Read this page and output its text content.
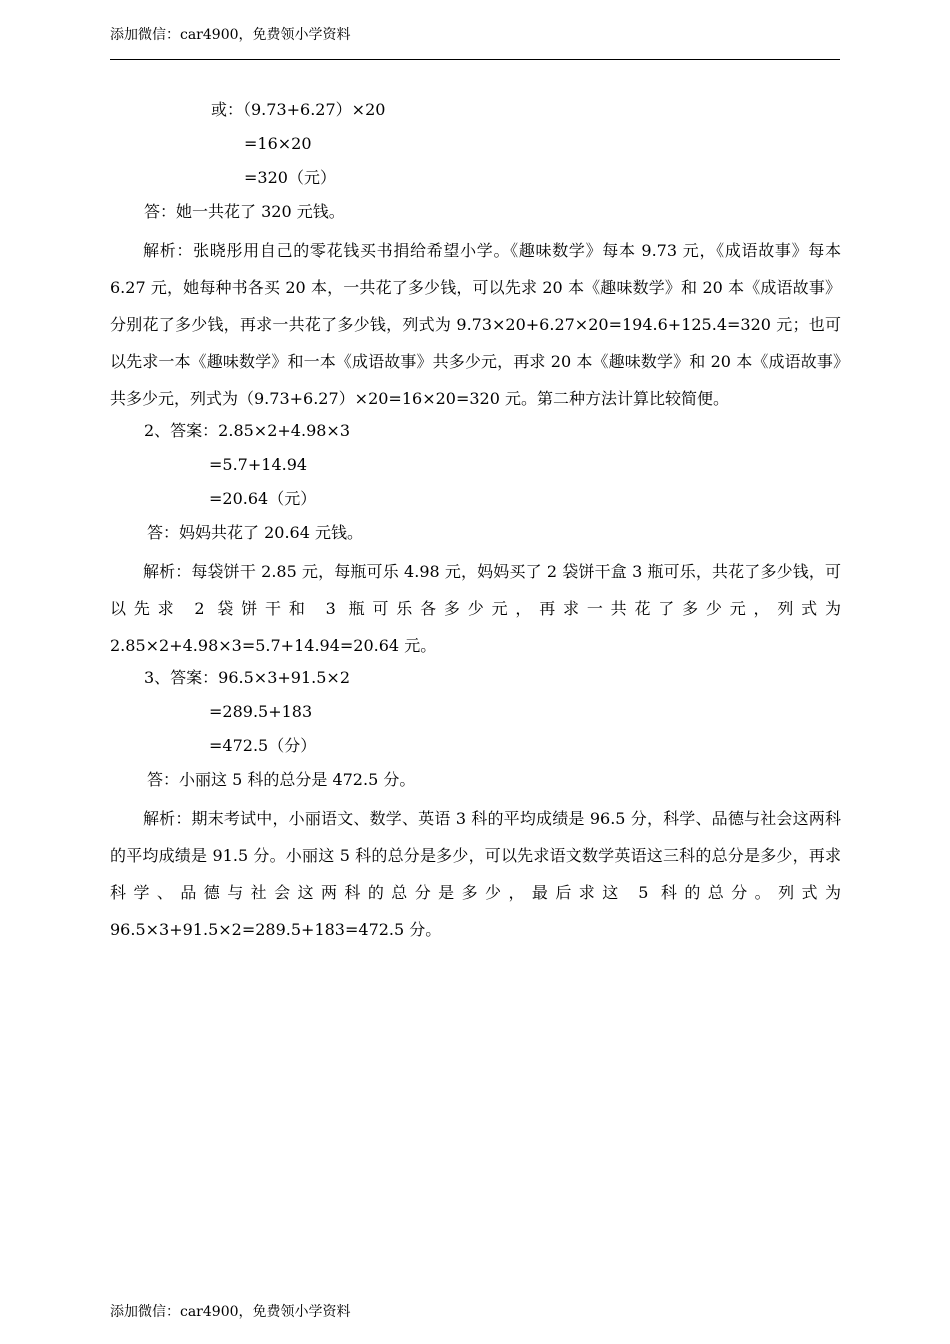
添加微信：car4900，免费领小学资料
或：（9.73+6.27）×20
=16×20
=320（元）
答：她一共花了 320 元钱。

解析：张晓彤用自己的零花钱买书捐给希望小学。《趣味数学》每本 9.73 元，《成语故事》每本 6.27 元，她每种书各买 20 本，一共花了多少钱，可以先求 20 本《趣味数学》和 20 本《成语故事》分别花了多少钱，再求一共花了多少钱，列式为 9.73×20+6.27×20=194.6+125.4=320 元；也可以先求一本《趣味数学》和一本《成语故事》共多少元，再求 20 本《趣味数学》和 20 本《成语故事》共多少元，列式为（9.73+6.27）×20=16×20=320 元。第二种方法计算比较简便。

2、答案：2.85×2+4.98×3
=5.7+14.94
=20.64（元）
答：妈妈共花了 20.64 元钱。

解析：每袋饼干 2.85 元，每瓶可乐 4.98 元，妈妈买了 2 袋饼干盒 3 瓶可乐，共花了多少钱，可以先求 2 袋饼干和 3 瓶可乐各多少元，再求一共花了多少元，列式为 2.85×2+4.98×3=5.7+14.94=20.64 元。

3、答案：96.5×3+91.5×2
=289.5+183
=472.5（分）
答：小丽这 5 科的总分是 472.5 分。

解析：期末考试中，小丽语文、数学、英语 3 科的平均成绩是 96.5 分，科学、品德与社会这两科的平均成绩是 91.5 分。小丽这 5 科的总分是多少，可以先求语文数学英语这三科的总分是多少，再求科学、品德与社会这两科的总分是多少，最后求这 5 科的总分。列式为 96.5×3+91.5×2=289.5+183=472.5 分。

添加微信：car4900，免费领小学资料
